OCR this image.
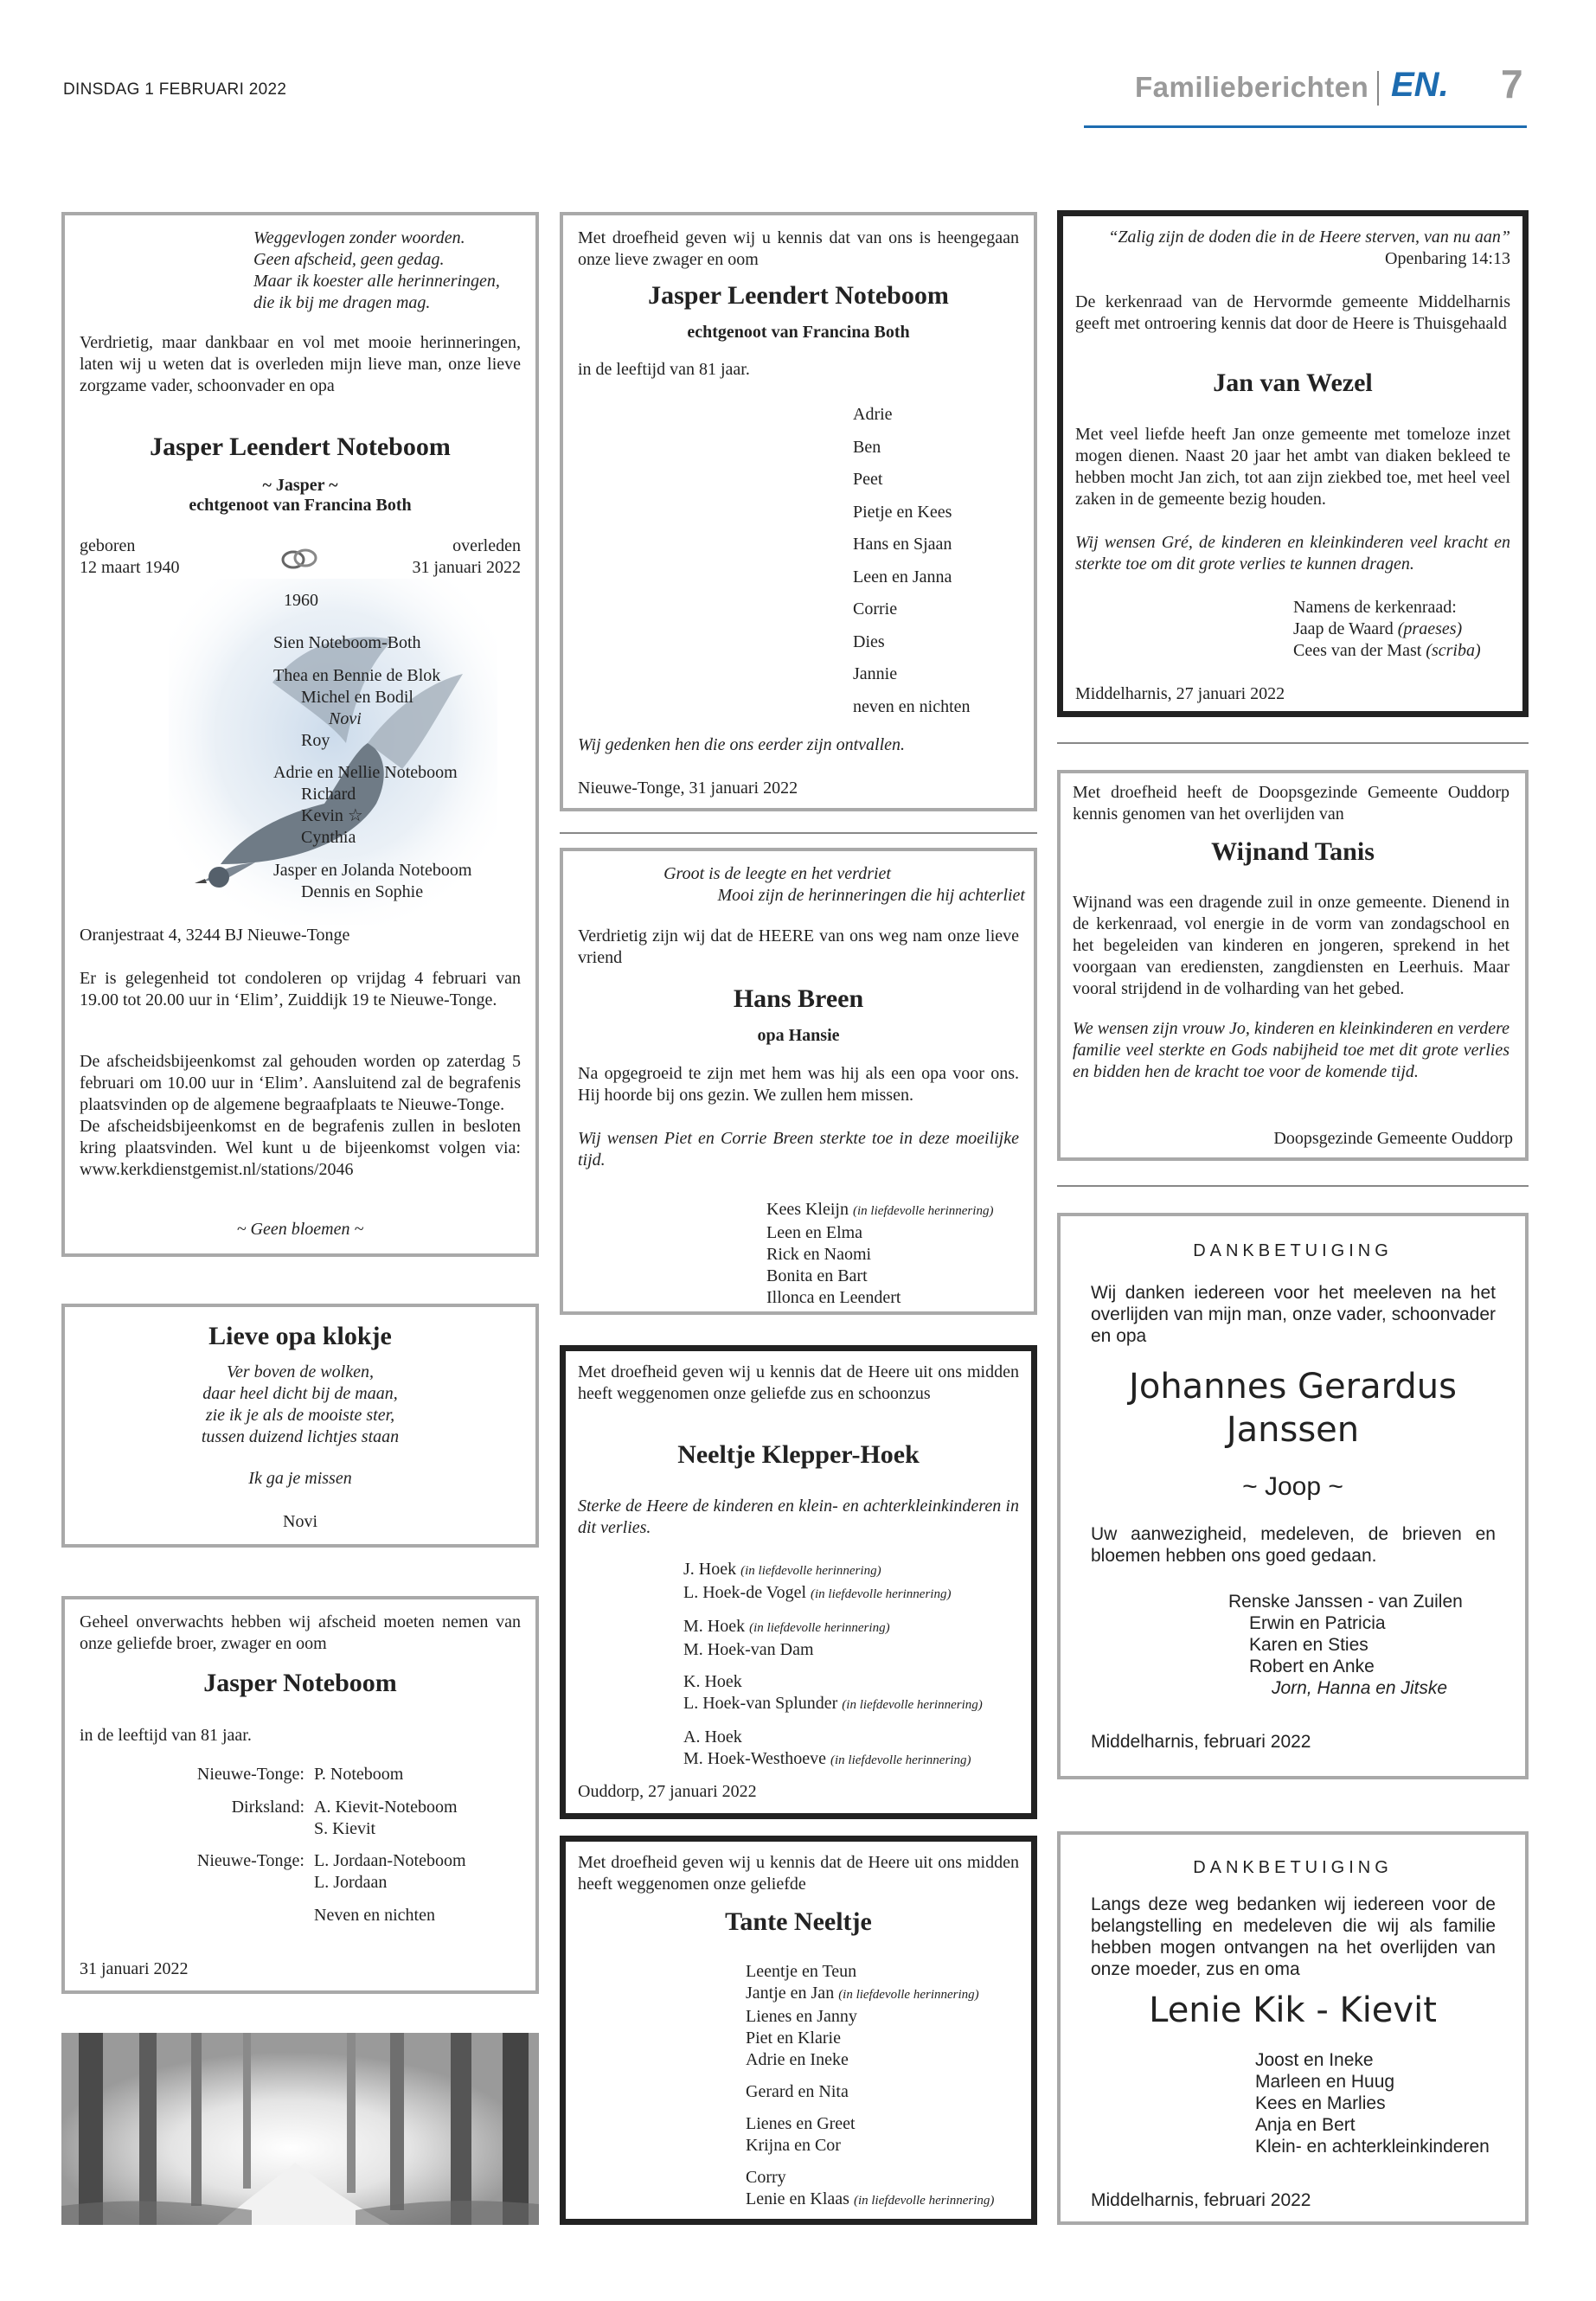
DINSDAG 1 FEBRUARI 2022	Familieberichten EN. 7
Weggevlogen zonder woorden.
Geen afscheid, geen gedag.
Maar ik koester alle herinneringen,
die ik bij me dragen mag.
Verdrietig, maar dankbaar en vol met mooie herinneringen, laten wij u weten dat is overleden mijn lieve man, onze lieve zorgzame vader, schoonvader en opa
Jasper Leendert Noteboom
~ Jasper ~
echtgenoot van Francina Both
geboren
12 maart 1940
overleden
31 januari 2022
1960
Sien Noteboom-Both
Thea en Bennie de Blok
Michel en Bodil
Novi
Roy
Adrie en Nellie Noteboom
Richard
Kevin ☆
Cynthia
Jasper en Jolanda Noteboom
Dennis en Sophie
Oranjestraat 4, 3244 BJ Nieuwe-Tonge
Er is gelegenheid tot condoleren op vrijdag 4 februari van 19.00 tot 20.00 uur in ‘Elim’, Zuiddijk 19 te Nieuwe-Tonge.
De afscheidsbijeenkomst zal gehouden worden op zaterdag 5 februari om 10.00 uur in ‘Elim’. Aansluitend zal de begrafenis plaatsvinden op de algemene begraafplaats te Nieuwe-Tonge.
De afscheidsbijeenkomst en de begrafenis zullen in besloten kring plaatsvinden. Wel kunt u de bijeenkomst volgen via: www.kerkdienstgemist.nl/stations/2046
~ Geen bloemen ~
Lieve opa klokje
Ver boven de wolken,
daar heel dicht bij de maan,
zie ik je als de mooiste ster,
tussen duizend lichtjes staan
Ik ga je missen
Novi
Geheel onverwachts hebben wij afscheid moeten nemen van onze geliefde broer, zwager en oom
Jasper Noteboom
in de leeftijd van 81 jaar.
Nieuwe-Tonge: P. Noteboom
Dirksland: A. Kievit-Noteboom
S. Kievit
Nieuwe-Tonge: L. Jordaan-Noteboom
L. Jordaan
Neven en nichten
31 januari 2022
Met droefheid geven wij u kennis dat van ons is heengegaan onze lieve zwager en oom
Jasper Leendert Noteboom
echtgenoot van Francina Both
in de leeftijd van 81 jaar.
Adrie
Ben
Peet
Pietje en Kees
Hans en Sjaan
Leen en Janna
Corrie
Dies
Jannie
neven en nichten
Wij gedenken hen die ons eerder zijn ontvallen.
Nieuwe-Tonge, 31 januari 2022
Groot is de leegte en het verdriet
Mooi zijn de herinneringen die hij achterliet
Verdrietig zijn wij dat de HEERE van ons weg nam onze lieve vriend
Hans Breen
opa Hansie
Na opgegroeid te zijn met hem was hij als een opa voor ons. Hij hoorde bij ons gezin. We zullen hem missen.
Wij wensen Piet en Corrie Breen sterkte toe in deze moeilijke tijd.
Kees Kleijn (in liefdevolle herinnering)
Leen en Elma
Rick en Naomi
Bonita en Bart
Illonca en Leendert
Met droefheid geven wij u kennis dat de Heere uit ons midden heeft weggenomen onze geliefde zus en schoonzus
Neeltje Klepper-Hoek
Sterke de Heere de kinderen en klein- en achterkleinkinderen in dit verlies.
J. Hoek (in liefdevolle herinnering)
L. Hoek-de Vogel (in liefdevolle herinnering)
M. Hoek (in liefdevolle herinnering)
M. Hoek-van Dam
K. Hoek
L. Hoek-van Splunder (in liefdevolle herinnering)
A. Hoek
M. Hoek-Westhoeve (in liefdevolle herinnering)
Ouddorp, 27 januari 2022
Met droefheid geven wij u kennis dat de Heere uit ons midden heeft weggenomen onze geliefde
Tante Neeltje
Leentje en Teun
Jantje en Jan (in liefdevolle herinnering)
Lienes en Janny
Piet en Klarie
Adrie en Ineke
Gerard en Nita
Lienes en Greet
Krijna en Cor
Corry
Lenie en Klaas (in liefdevolle herinnering)
“Zalig zijn de doden die in de Heere sterven, van nu aan”
Openbaring 14:13
De kerkenraad van de Hervormde gemeente Middelharnis geeft met ontroering kennis dat door de Heere is Thuisgehaald
Jan van Wezel
Met veel liefde heeft Jan onze gemeente met tomeloze inzet mogen dienen. Naast 20 jaar het ambt van diaken bekleed te hebben mocht Jan zich, tot aan zijn ziekbed toe, met heel veel zaken in de gemeente bezig houden.
Wij wensen Gré, de kinderen en kleinkinderen veel kracht en sterkte toe om dit grote verlies te kunnen dragen.
Namens de kerkenraad:
Jaap de Waard (praeses)
Cees van der Mast (scriba)
Middelharnis, 27 januari 2022
Met droefheid heeft de Doopsgezinde Gemeente Ouddorp kennis genomen van het overlijden van
Wijnand Tanis
Wijnand was een dragende zuil in onze gemeente. Dienend in de kerkenraad, vol energie in de vorm van zondagschool en het begeleiden van kinderen en jongeren, sprekend in het voorgaan van erediensten, zangdiensten en Leerhuis. Maar vooral strijdend in de volharding van het gebed.
We wensen zijn vrouw Jo, kinderen en kleinkinderen en verdere familie veel sterkte en Gods nabijheid toe met dit grote verlies en bidden hen de kracht toe voor de komende tijd.
Doopsgezinde Gemeente Ouddorp
DANKBETUIGING
Wij danken iedereen voor het meeleven na het overlijden van mijn man, onze vader, schoonvader en opa
Johannes Gerardus
Janssen
~ Joop ~
Uw aanwezigheid, medeleven, de brieven en bloemen hebben ons goed gedaan.
Renske Janssen - van Zuilen
Erwin en Patricia
Karen en Sties
Robert en Anke
Jorn, Hanna en Jitske
Middelharnis, februari 2022
DANKBETUIGING
Langs deze weg bedanken wij iedereen voor de belangstelling en medeleven die wij als familie hebben mogen ontvangen na het overlijden van onze moeder, zus en oma
Lenie Kik - Kievit
Joost en Ineke
Marleen en Huug
Kees en Marlies
Anja en Bert
Klein- en achterkleinkinderen
Middelharnis, februari 2022
